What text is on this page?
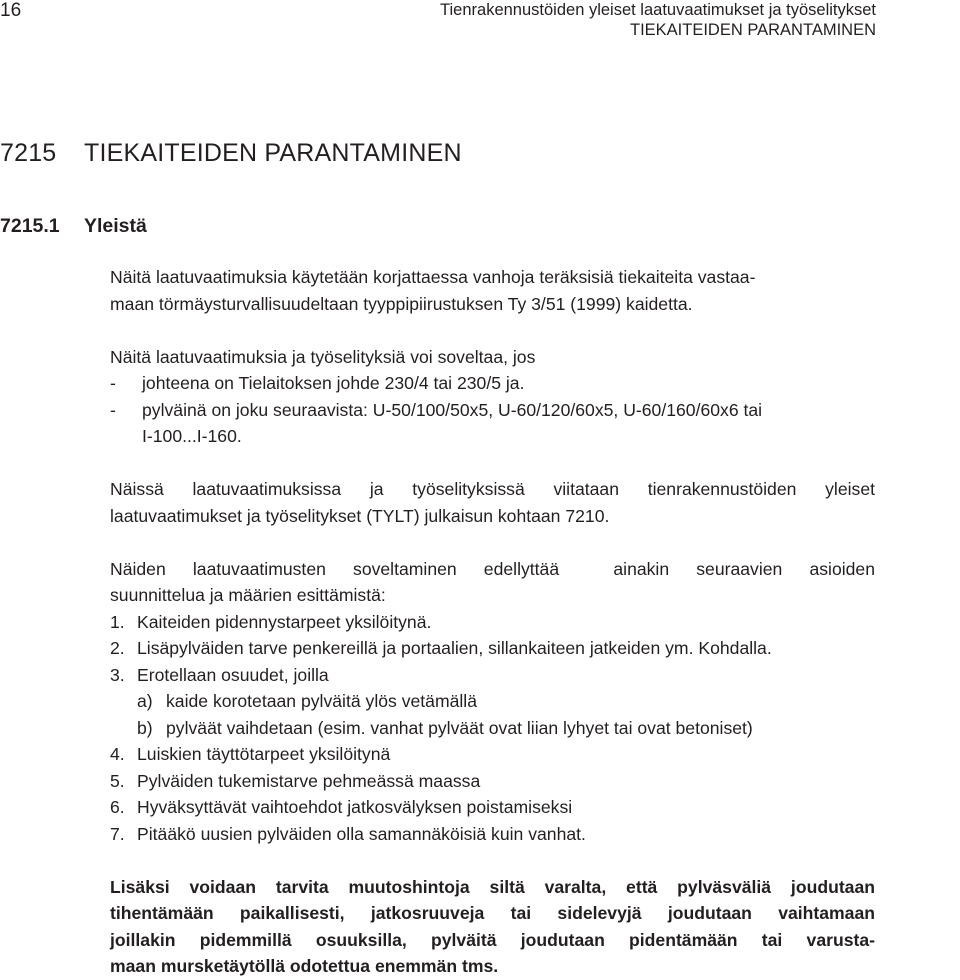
16	Tienrakennustöiden yleiset laatuvaatimukset ja työselitykset
TIEKAITEIDEN PARANTAMINEN
7215 TIEKAITEIDEN PARANTAMINEN
7215.1 Yleistä

Näitä laatuvaatimuksia käytetään korjattaessa vanhoja teräksisiä tiekaiteita vastaa-
maan törmäysturvallisuudeltaan tyyppipiirustuksen Ty 3/51 (1999) kaidetta.

Näitä laatuvaatimuksia ja työselityksiä voi soveltaa, jos

-	johteena on Tielaitoksen johde 230/4 tai 230/5 ja.
-	pylväinä on joku seuraavista: U-50/100/50x5, U-60/120/60x5, U-60/160/60x6 tai
I-100...I-160.

Näissä laatuvaatimuksissa ja työselityksissä viitataan tienrakennustöiden yleiset
laatuvaatimukset ja työselitykset (TYLT) julkaisun kohtaan 7210.

Näiden laatuvaatimusten soveltaminen edellyttää  ainakin seuraavien asioiden
suunnittelua ja määrien esittämistä:

1. Kaiteiden pidennystarpeet yksilöitynä.
2. Lisäpylväiden tarve penkereillä ja portaalien, sillankaiteen jatkeiden ym. Kohdalla.
3. Erotellaan osuudet, joilla
a) kaide korotetaan pylväitä ylös vetämällä
b) pylväät vaihdetaan (esim. vanhat pylväät ovat liian lyhyet tai ovat betoniset)
4. Luiskien täyttötarpeet yksilöitynä
5. Pylväiden tukemistarve pehmeässä maassa
6. Hyväksyttävät vaihtoehdot jatkosvälyksen poistamiseksi
7. Pitääkö uusien pylväiden olla samannäköisiä kuin vanhat.

Lisäksi voidaan tarvita muutoshintoja siltä varalta, että pylväsväliä joudutaan
tihentämään paikallisesti, jatkosruuveja tai sidelevyjä joudutaan vaihtamaan
joillakin pidemmillä osuuksilla, pylväitä joudutaan pidentämään tai varusta-
maan mursketäytöllä odotettua enemmän tms.
